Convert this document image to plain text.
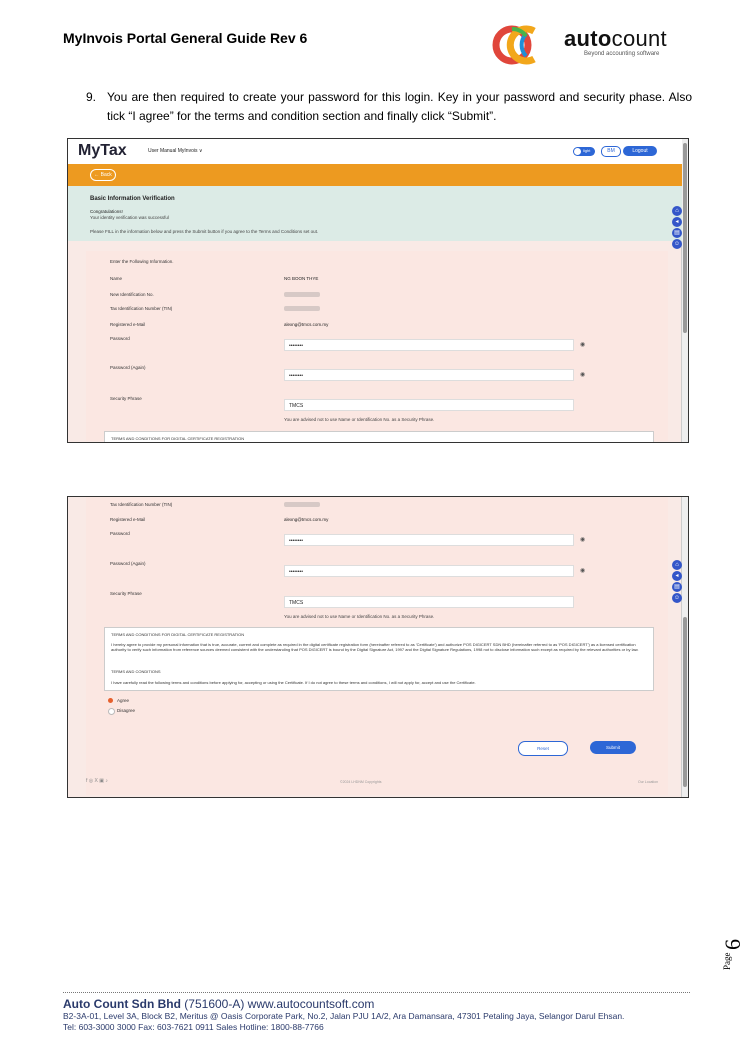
MyInvois Portal General Guide Rev 6	autocount
Beyond accounting software
9. You are then required to create your password for this login. Key in your password and security phase. Also tick “I agree” for the terms and condition section and finally click “Submit”.
MyTax	User Manual MyInvois ∨	light	BM	Logout
← Back
Basic Information Verification
Congratulations!
Your identity verification was successful
Please FILL in the information below and press the Submit button if you agree to the Terms and Conditions set out.
⌂
◂
▤
☺
Enter the Following Information.
Name	NG BOON THYE
New Identification No.
Tax Identification Number (TIN)
Registered e-Mail	alexng@tmcs.com.my
Password
••••••••	◉
Password (Again)
••••••••	◉
Security Phrase
TMCS
You are advised not to use Name or Identification No. as a Security Phrase.

TERMS AND CONDITIONS FOR DIGITAL CERTIFICATE REGISTRATION

Tax Identification Number (TIN)
Registered e-Mail	alexng@tmcs.com.my
Password
••••••••	◉
Password (Again)
••••••••	◉
Security Phrase
TMCS
You are advised not to use Name or Identification No. as a Security Phrase.

TERMS AND CONDITIONS FOR DIGITAL CERTIFICATE REGISTRATION

I hereby agree to provide my personal information that is true, accurate, current and complete as required in the digital certificate registration form (hereinafter referred to as 'Certificate') and authorize POS DIGICERT SDN BHD (hereinafter referred to as 'POS DIGICERT') as a licensed certification authority to verify such information from reference sources deemed consistent with the understanding that POS DIGICERT is bound by the Digital Signature Act, 1997 and the Digital Signature Regulations, 1998 not to disclose information such except as required by the relevant authorities or by law.

TERMS AND CONDITIONS

I have carefully read the following terms and conditions before applying for, accepting or using the Certificate. If I do not agree to these terms and conditions, I will not apply for, accept and use the Certificate.

Agree
Disagree
Reset	Submit
f ◎ X ▣ ♪	©2024 LHDNM Copyrights	Our Location
⌂
◂
▤
☺
Page
6
Auto Count Sdn Bhd (751600-A) www.autocountsoft.com
B2-3A-01, Level 3A, Block B2, Meritus @ Oasis Corporate Park, No.2, Jalan PJU 1A/2, Ara Damansara, 47301 Petaling Jaya, Selangor Darul Ehsan.
Tel: 603-3000 3000 Fax: 603-7621 0911 Sales Hotline: 1800-88-7766
